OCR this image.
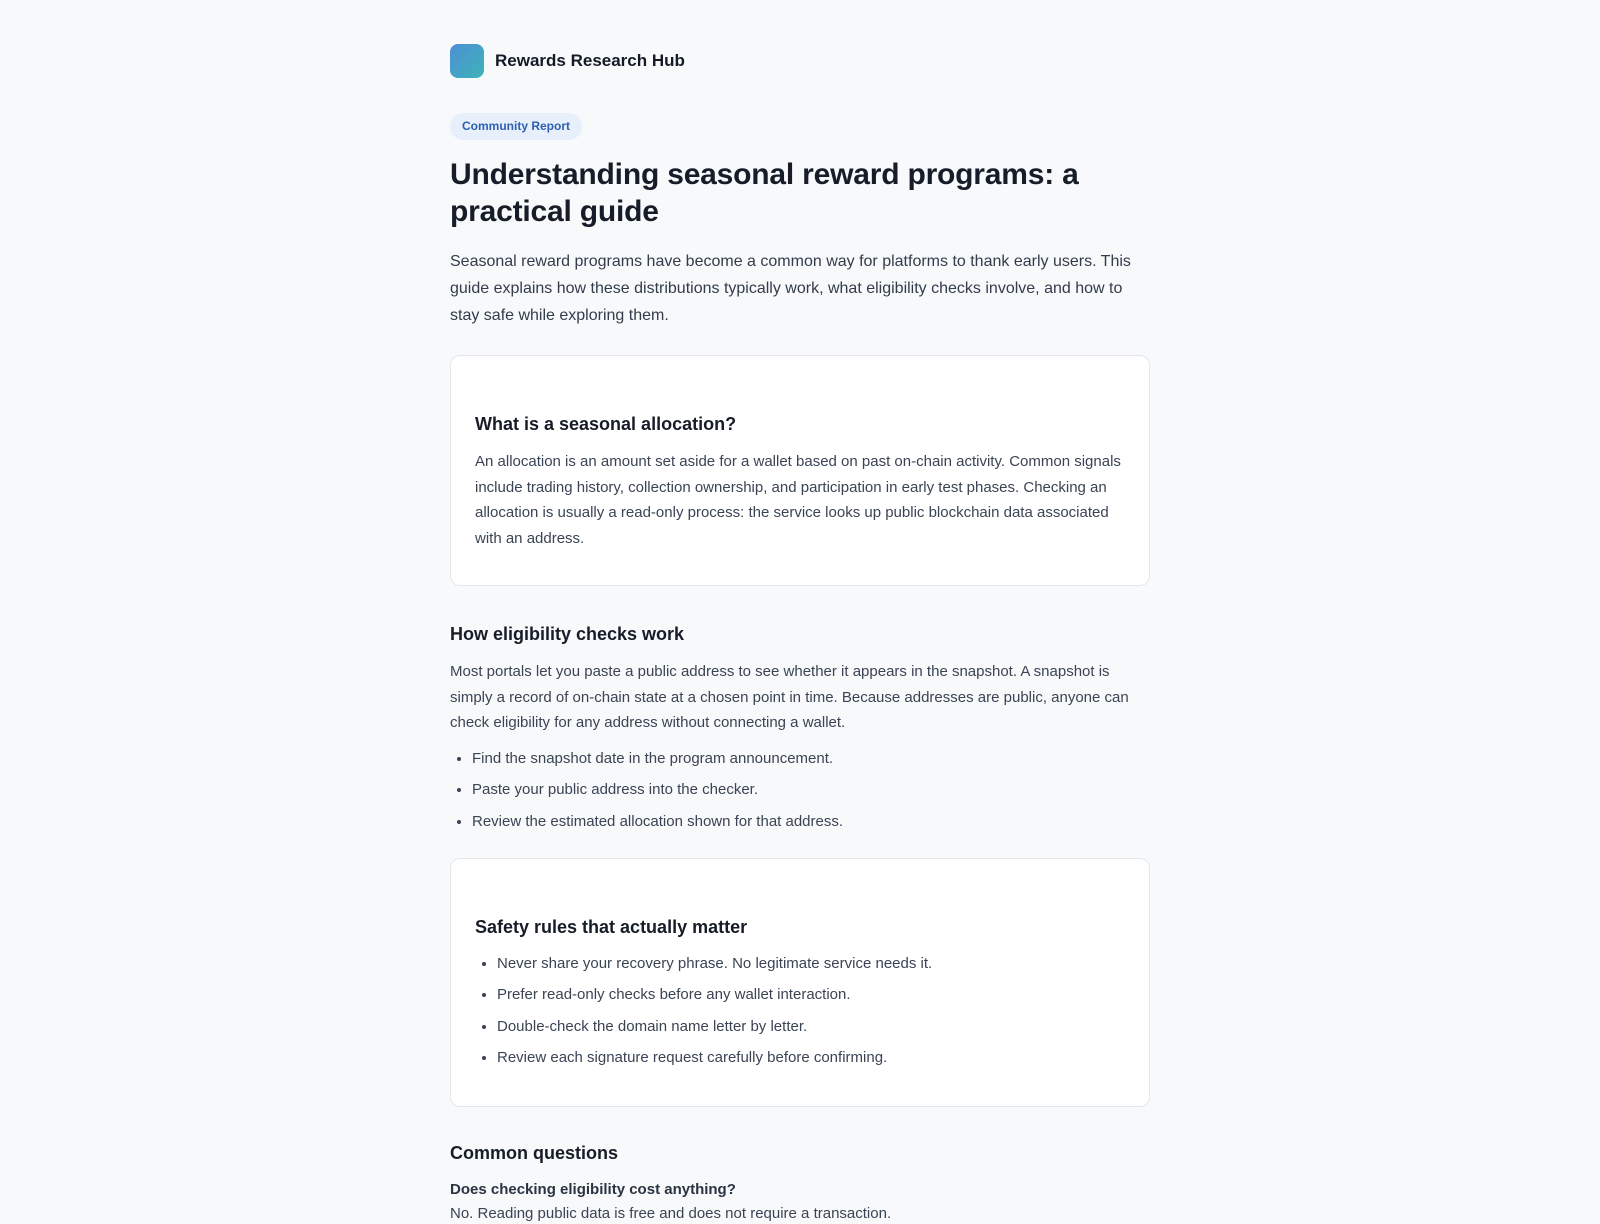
Rewards Research Hub
Community Report
Understanding seasonal reward programs: a practical guide

Seasonal reward programs have become a common way for platforms to thank early users. This guide explains how these distributions typically work, what eligibility checks involve, and how to stay safe while exploring them.

What is a seasonal allocation?

An allocation is an amount set aside for a wallet based on past on-chain activity. Common signals include trading history, collection ownership, and participation in early test phases. Checking an allocation is usually a read-only process: the service looks up public blockchain data associated with an address.

How eligibility checks work

Most portals let you paste a public address to see whether it appears in the snapshot. A snapshot is simply a record of on-chain state at a chosen point in time. Because addresses are public, anyone can check eligibility for any address without connecting a wallet.

• Find the snapshot date in the program announcement.
• Paste your public address into the checker.
• Review the estimated allocation shown for that address.
Safety rules that actually matter
• Never share your recovery phrase. No legitimate service needs it.
• Prefer read-only checks before any wallet interaction.
• Double-check the domain name letter by letter.
• Review each signature request carefully before confirming.
Common questions
Does checking eligibility cost anything?
No. Reading public data is free and does not require a transaction.
